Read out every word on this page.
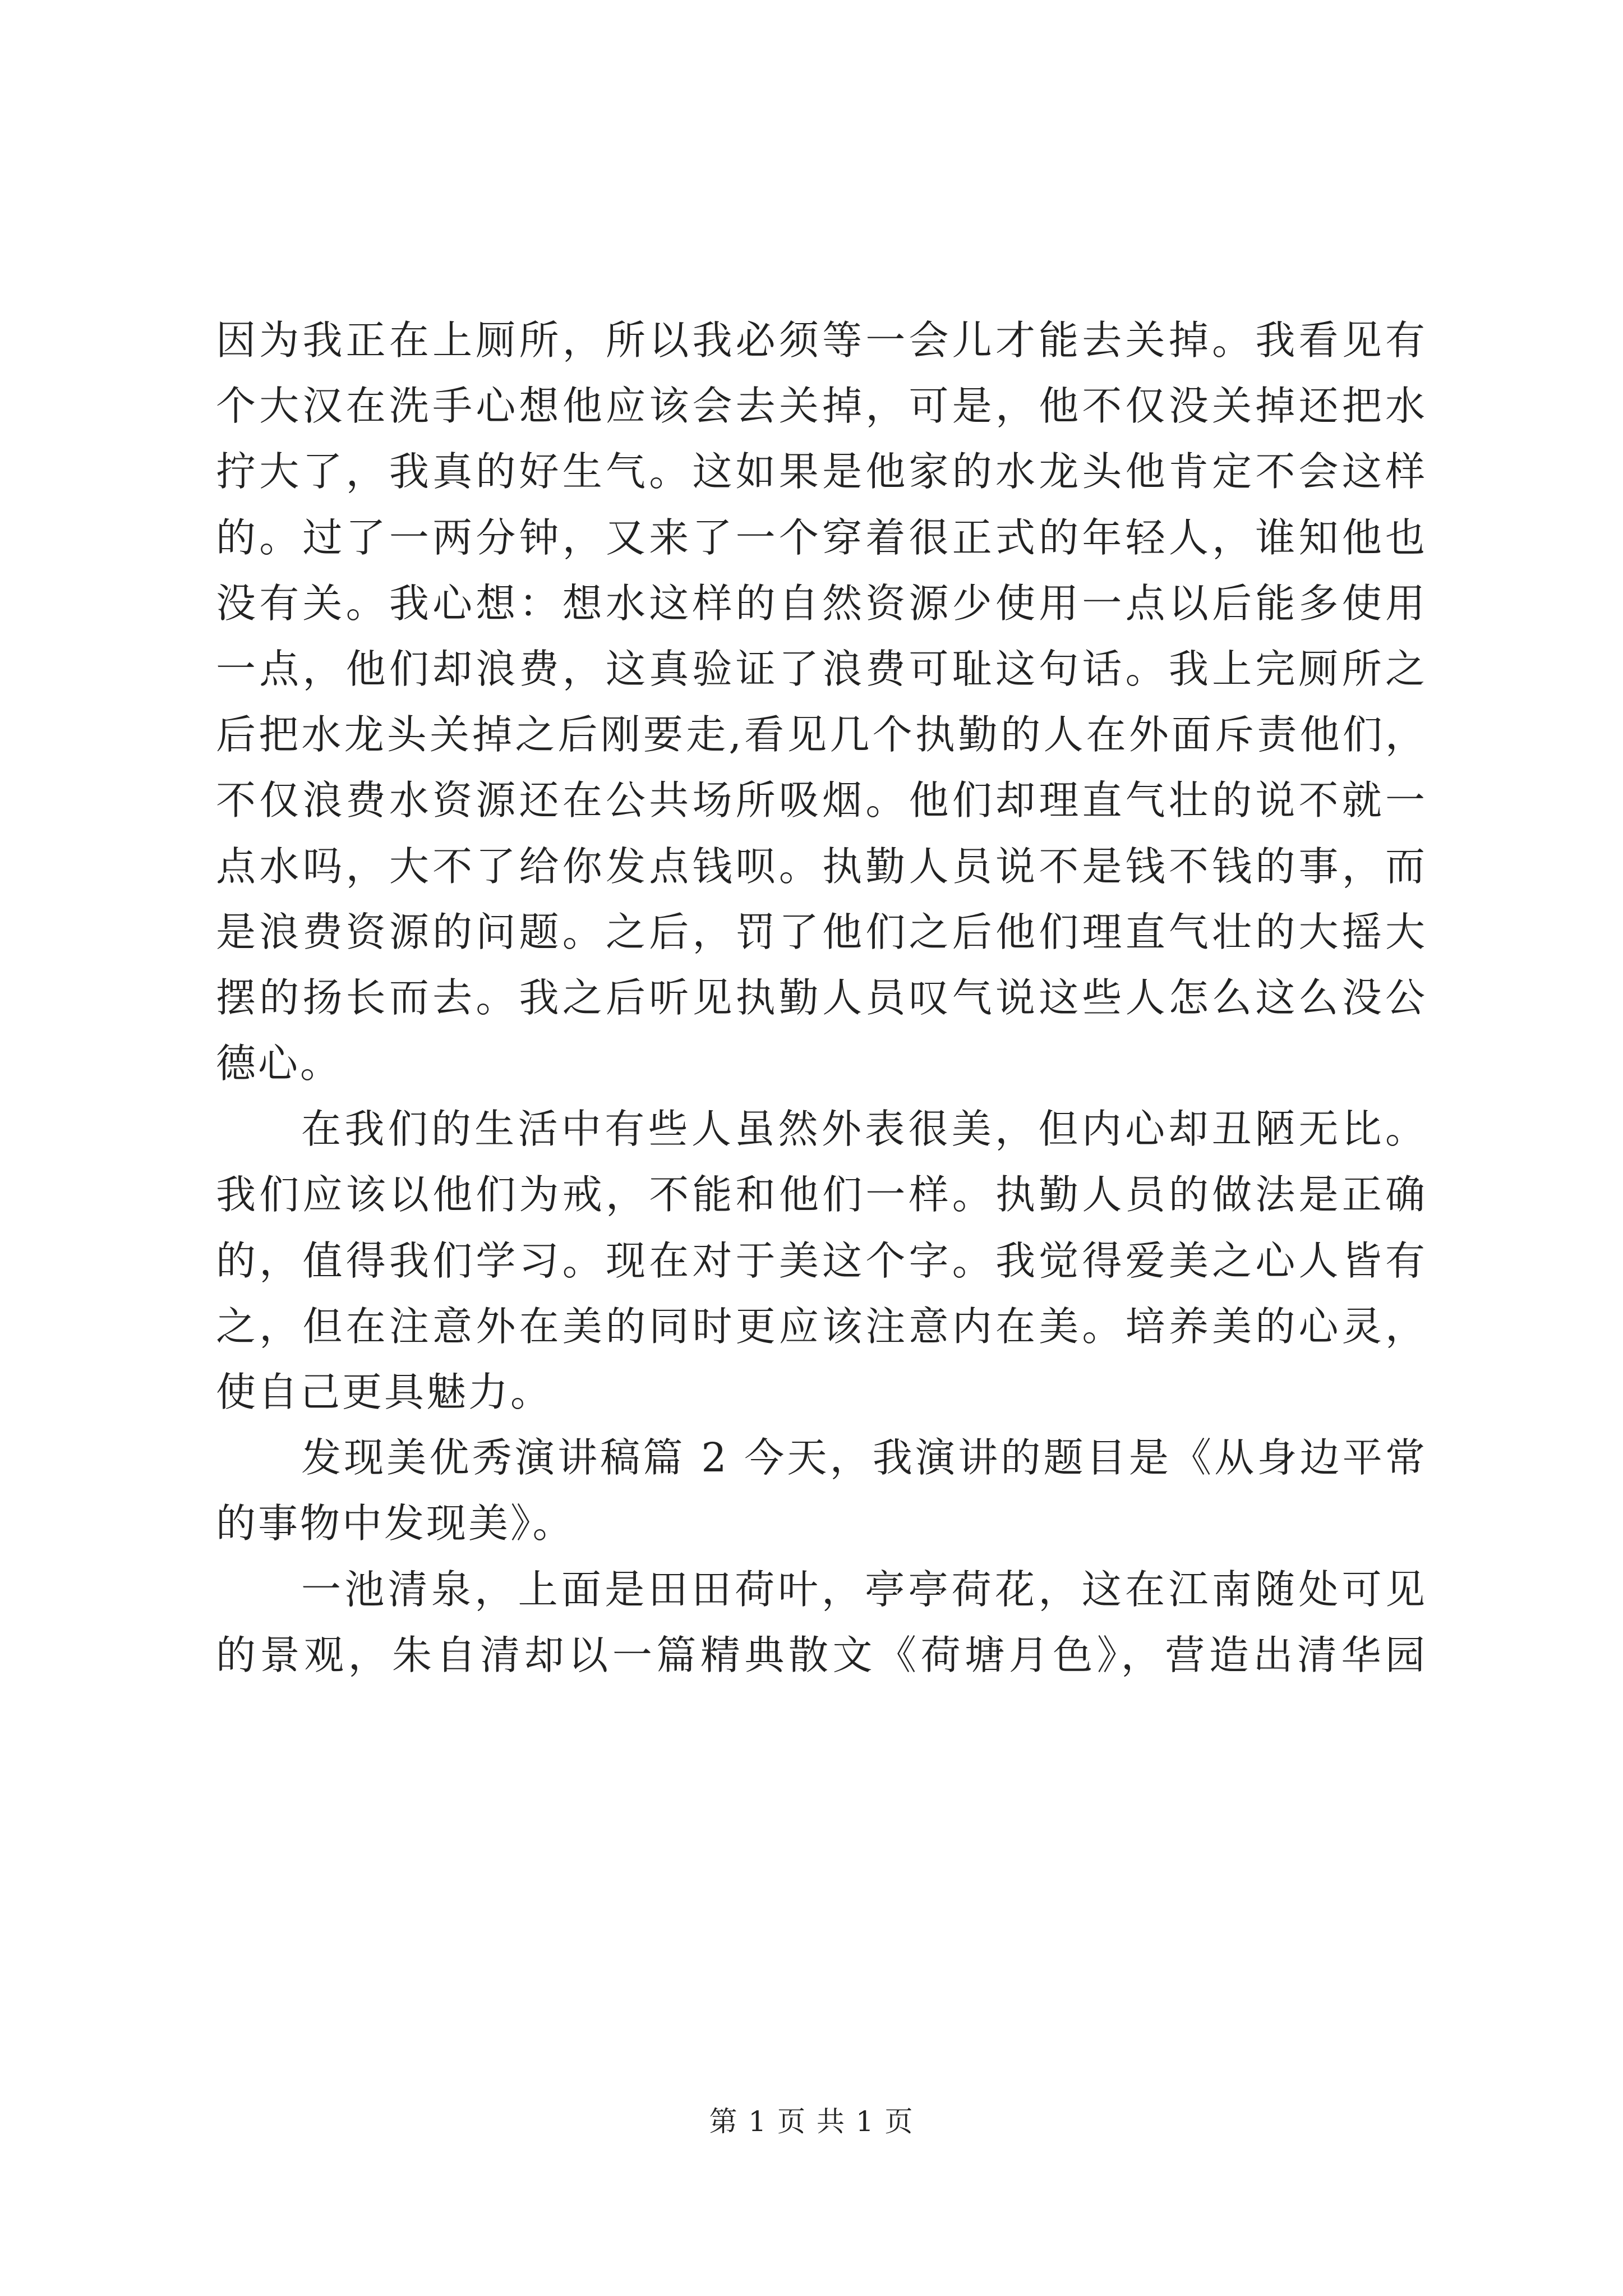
因为我正在上厕所，所以我必须等一会儿才能去关掉。我看见有
个大汉在洗手心想他应该会去关掉，可是，他不仅没关掉还把水
拧大了，我真的好生气。这如果是他家的水龙头他肯定不会这样
的。过了一两分钟，又来了一个穿着很正式的年轻人，谁知他也
没有关。我心想：想水这样的自然资源少使用一点以后能多使用
一点，他们却浪费，这真验证了浪费可耻这句话。我上完厕所之
后把水龙头关掉之后刚要走,看见几个执勤的人在外面斥责他们，
不仅浪费水资源还在公共场所吸烟。他们却理直气壮的说不就一
点水吗，大不了给你发点钱呗。执勤人员说不是钱不钱的事，而
是浪费资源的问题。之后，罚了他们之后他们理直气壮的大摇大
摆的扬长而去。我之后听见执勤人员叹气说这些人怎么这么没公
德心。
在我们的生活中有些人虽然外表很美，但内心却丑陋无比。
我们应该以他们为戒，不能和他们一样。执勤人员的做法是正确
的，值得我们学习。现在对于美这个字。我觉得爱美之心人皆有
之，但在注意外在美的同时更应该注意内在美。培养美的心灵，
使自己更具魅力。
发现美优秀演讲稿篇 2 今天，我演讲的题目是《从身边平常
的事物中发现美》。
一池清泉，上面是田田荷叶，亭亭荷花，这在江南随处可见
的景观，朱自清却以一篇精典散文《荷塘月色》，营造出清华园
第 1 页 共 1 页
